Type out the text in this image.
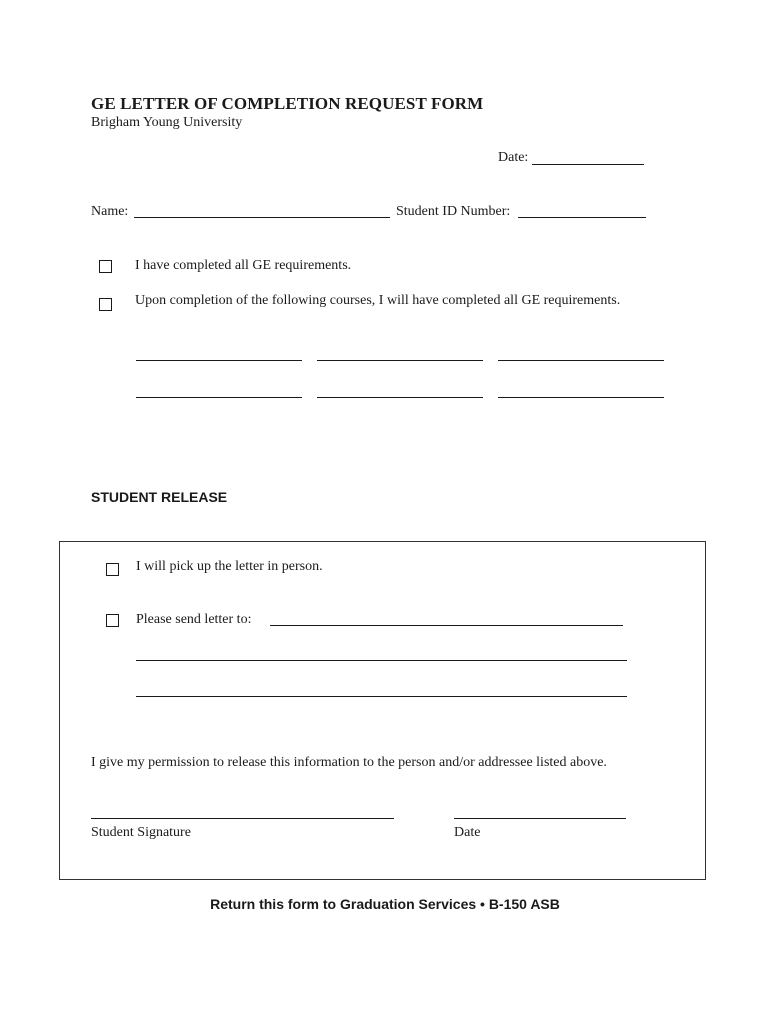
GE LETTER OF COMPLETION REQUEST FORM
Brigham Young University
Date:
Name:	Student ID Number:
I have completed all GE requirements.
Upon completion of the following courses, I will have completed all GE requirements.
STUDENT RELEASE
I will pick up the letter in person.
Please send letter to:
I give my permission to release this information to the person and/or addressee listed above.
Student Signature	Date
Return this form to Graduation Services • B-150 ASB
